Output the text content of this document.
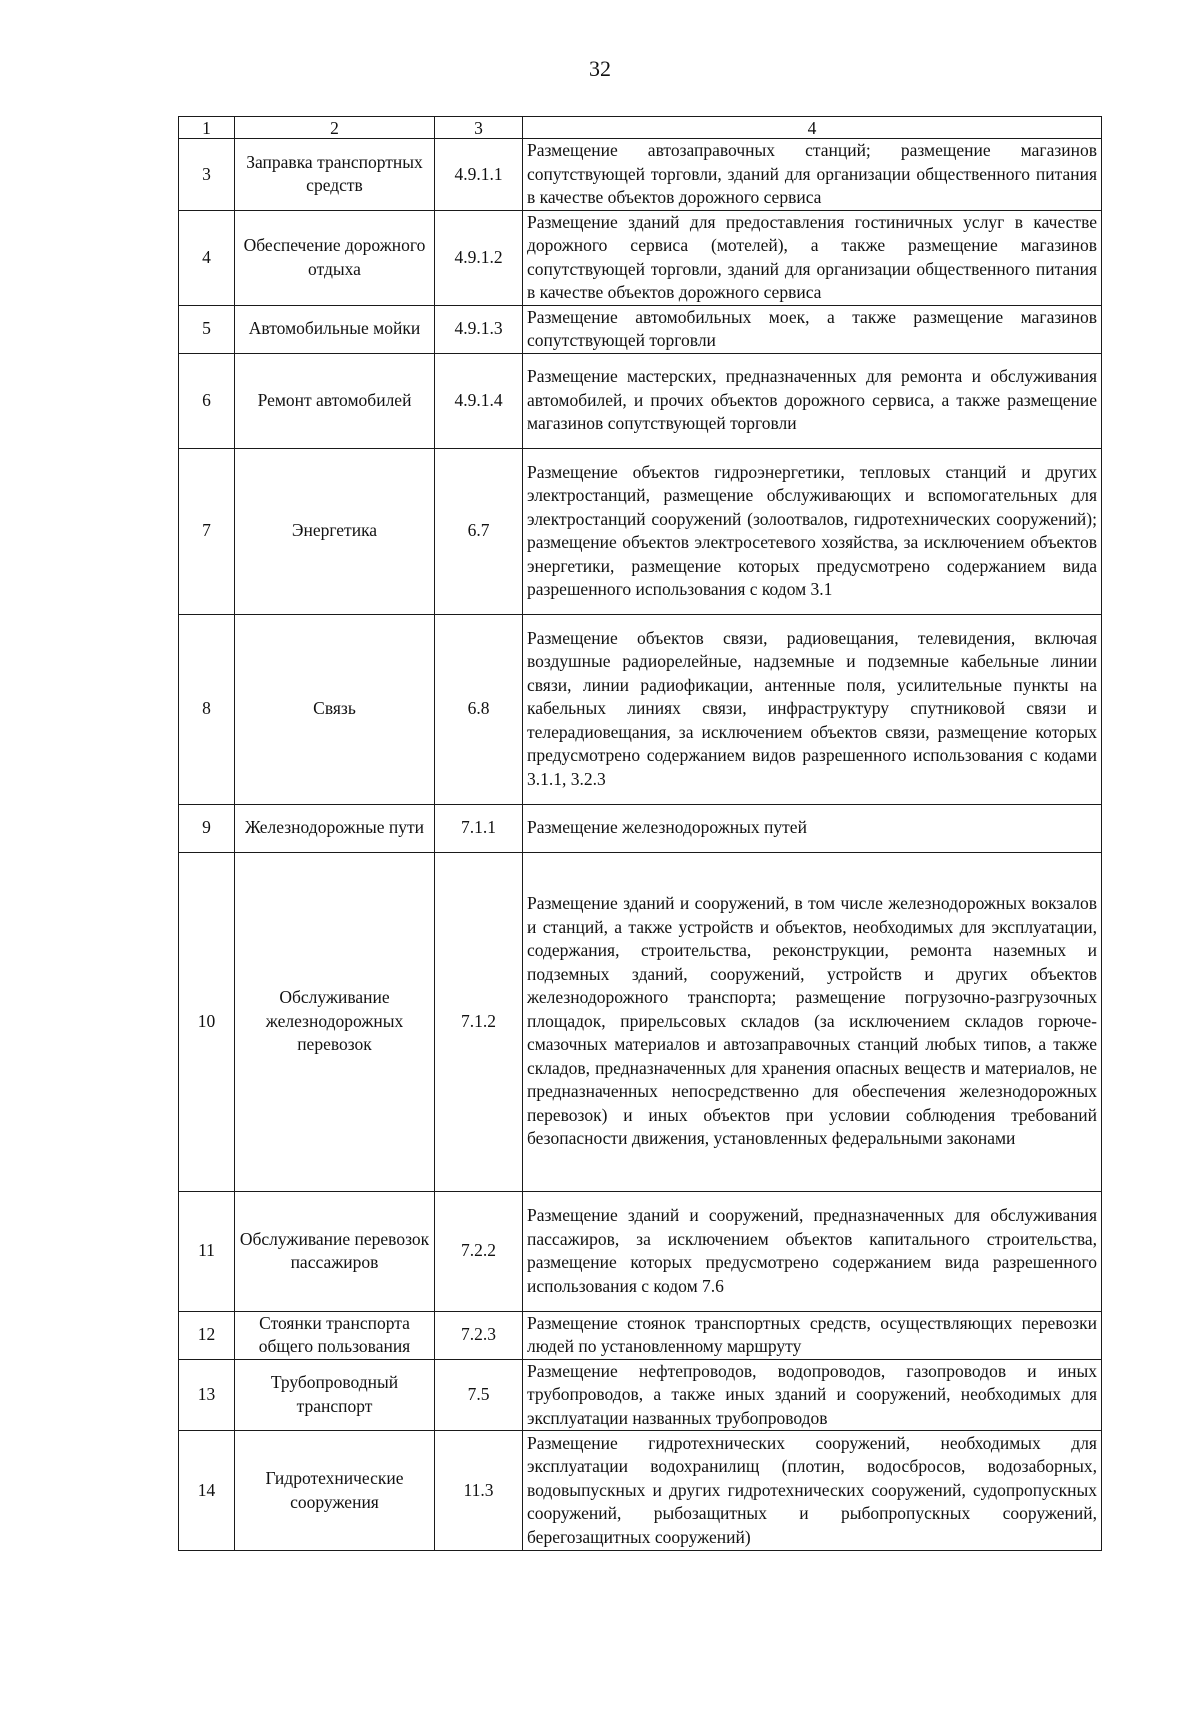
32
1	2	3	4
3	Заправка транспортных средств	4.9.1.1	Размещение автозаправочных станций; размещение магазинов сопутствующей торговли, зданий для организации общественного питания в качестве объектов дорожного сервиса
4	Обеспечение дорожного отдыха	4.9.1.2	Размещение зданий для предоставления гостиничных услуг в качестве дорожного сервиса (мотелей), а также размещение магазинов сопутствующей торговли, зданий для организации общественного питания в качестве объектов дорожного сервиса
5	Автомобильные мойки	4.9.1.3	Размещение автомобильных моек, а также размещение магазинов сопутствующей торговли
6	Ремонт автомобилей	4.9.1.4	Размещение мастерских, предназначенных для ремонта и обслуживания автомобилей, и прочих объектов дорожного сервиса, а также размещение магазинов сопутствующей торговли
7	Энергетика	6.7	Размещение объектов гидроэнергетики, тепловых станций и других электростанций, размещение обслуживающих и вспомогательных для электростанций сооружений (золоотвалов, гидротехнических сооружений); размещение объектов электросетевого хозяйства, за исключением объектов энергетики, размещение которых предусмотрено содержанием вида разрешенного использования с кодом 3.1
8	Связь	6.8	Размещение объектов связи, радиовещания, телевидения, включая воздушные радиорелейные, надземные и подземные кабельные линии связи, линии радиофикации, антенные поля, усилительные пункты на кабельных линиях связи, инфраструктуру спутниковой связи и телерадиовещания, за исключением объектов связи, размещение которых предусмотрено содержанием видов разрешенного использования с кодами 3.1.1, 3.2.3
9	Железнодорожные пути	7.1.1	Размещение железнодорожных путей
10	Обслуживание железнодорожных перевозок	7.1.2	Размещение зданий и сооружений, в том числе железнодорожных вокзалов и станций, а также устройств и объектов, необходимых для эксплуатации, содержания, строительства, реконструкции, ремонта наземных и подземных зданий, сооружений, устройств и других объектов железнодорожного транспорта; размещение погрузочно-разгрузочных площадок, прирельсовых складов (за исключением складов горюче-смазочных материалов и автозаправочных станций любых типов, а также складов, предназначенных для хранения опасных веществ и материалов, не предназначенных непосредственно для обеспечения железнодорожных перевозок) и иных объектов при условии соблюдения требований безопасности движения, установленных федеральными законами
11	Обслуживание перевозок пассажиров	7.2.2	Размещение зданий и сооружений, предназначенных для обслуживания пассажиров, за исключением объектов капитального строительства, размещение которых предусмотрено содержанием вида разрешенного использования с кодом 7.6
12	Стоянки транспорта общего пользования	7.2.3	Размещение стоянок транспортных средств, осуществляющих перевозки людей по установленному маршруту
13	Трубопроводный транспорт	7.5	Размещение нефтепроводов, водопроводов, газопроводов и иных трубопроводов, а также иных зданий и сооружений, необходимых для эксплуатации названных трубопроводов
14	Гидротехнические сооружения	11.3	Размещение гидротехнических сооружений, необходимых для эксплуатации водохранилищ (плотин, водосбросов, водозаборных, водовыпускных и других гидротехнических сооружений, судопропускных сооружений, рыбозащитных и рыбопропускных сооружений, берегозащитных сооружений)
